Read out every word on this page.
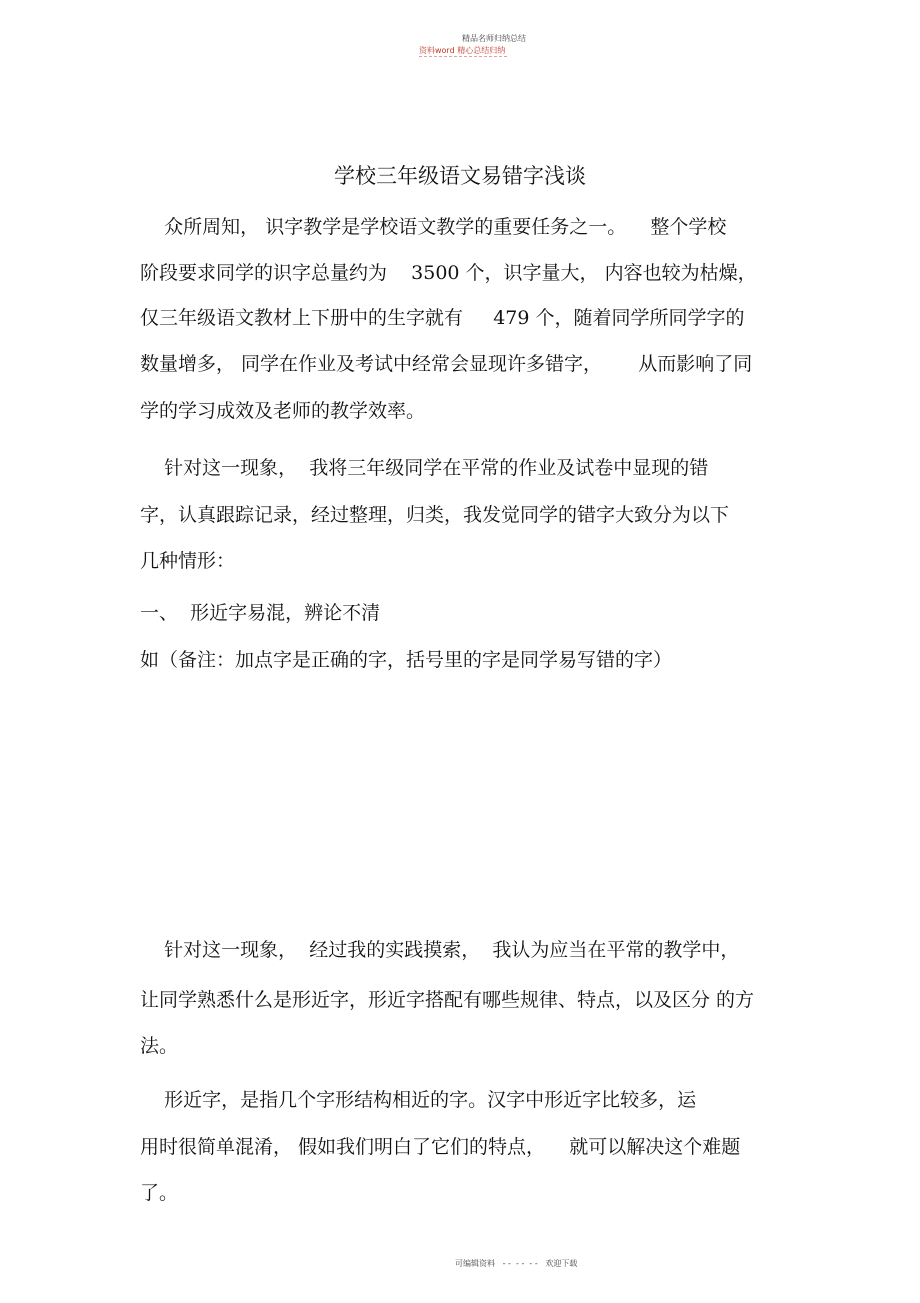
精品名师归纳总结
资料word 精心总结归纳
学校三年级语文易错字浅谈
众所周知， 识字教学是学校语文教学的重要任务之一。    整个学校
阶段要求同学的识字总量约为    3500 个，识字量大， 内容也较为枯燥，
仅三年级语文教材上下册中的生字就有     479 个，随着同学所同学字的
数量增多， 同学在作业及考试中经常会显现许多错字，      从而影响了同
学的学习成效及老师的教学效率。
针对这一现象，  我将三年级同学在平常的作业及试卷中显现的错
字，认真跟踪记录，经过整理，归类，我发觉同学的错字大致分为以下
几种情形：
一、  形近字易混，辨论不清
如（备注：加点字是正确的字，括号里的字是同学易写错的字）
针对这一现象，  经过我的实践摸索，  我认为应当在平常的教学中，
让同学熟悉什么是形近字，形近字搭配有哪些规律、特点，以及区分 的方
法。
形近字，是指几个字形结构相近的字。汉字中形近字比较多，运
用时很简单混淆， 假如我们明白了它们的特点，    就可以解决这个难题
了。
可编辑资料   - -  - -  - -   欢迎下载
